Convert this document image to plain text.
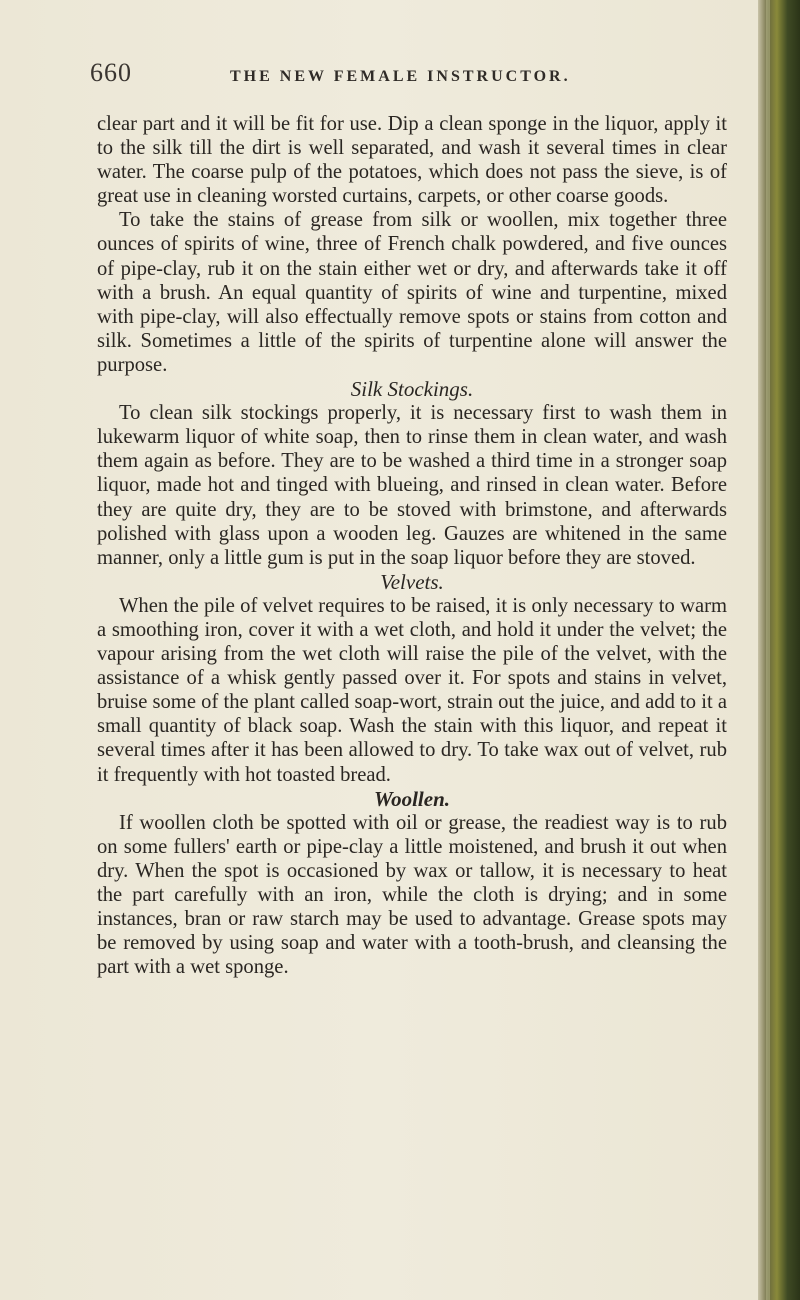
660	THE NEW FEMALE INSTRUCTOR.

clear part and it will be fit for use. Dip a clean sponge in the liquor, apply it to the silk till the dirt is well separated, and wash it several times in clear water. The coarse pulp of the potatoes, which does not pass the sieve, is of great use in cleaning worsted curtains, carpets, or other coarse goods.

To take the stains of grease from silk or woollen, mix together three ounces of spirits of wine, three of French chalk powdered, and five ounces of pipe-clay, rub it on the stain either wet or dry, and afterwards take it off with a brush. An equal quantity of spirits of wine and turpentine, mixed with pipe-clay, will also effectually remove spots or stains from cotton and silk. Sometimes a little of the spirits of turpentine alone will answer the purpose.

Silk Stockings.

To clean silk stockings properly, it is necessary first to wash them in lukewarm liquor of white soap, then to rinse them in clean water, and wash them again as before. They are to be washed a third time in a stronger soap liquor, made hot and tinged with blueing, and rinsed in clean water. Before they are quite dry, they are to be stoved with brimstone, and afterwards polished with glass upon a wooden leg. Gauzes are whitened in the same manner, only a little gum is put in the soap liquor before they are stoved.

Velvets.

When the pile of velvet requires to be raised, it is only necessary to warm a smoothing iron, cover it with a wet cloth, and hold it under the velvet; the vapour arising from the wet cloth will raise the pile of the velvet, with the assistance of a whisk gently passed over it. For spots and stains in velvet, bruise some of the plant called soap-wort, strain out the juice, and add to it a small quantity of black soap. Wash the stain with this liquor, and repeat it several times after it has been allowed to dry. To take wax out of velvet, rub it frequently with hot toasted bread.

Woollen.

If woollen cloth be spotted with oil or grease, the readiest way is to rub on some fullers' earth or pipe-clay a little moistened, and brush it out when dry. When the spot is occasioned by wax or tallow, it is necessary to heat the part carefully with an iron, while the cloth is drying; and in some instances, bran or raw starch may be used to advantage. Grease spots may be removed by using soap and water with a tooth-brush, and cleansing the part with a wet sponge.
